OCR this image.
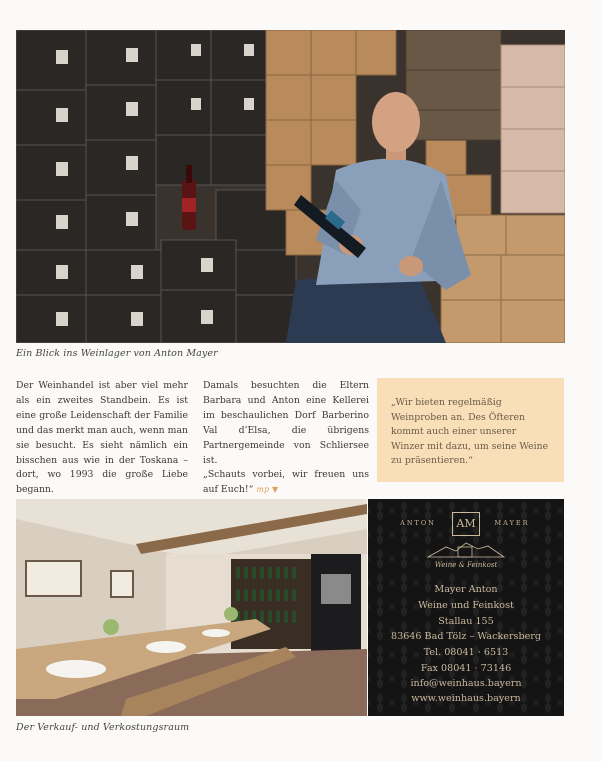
Ein Blick ins Weinlager von Anton Mayer
Der Weinhandel ist aber viel mehr als ein zweites Standbein. Es ist eine große Leidenschaft der Familie und das merkt man auch, wenn man sie besucht. Es sieht nämlich ein bisschen aus wie in der Toskana – dort, wo 1993 die große Liebe begann.
Damals besuchten die Eltern Barbara und Anton eine Kellerei im beschaulichen Dorf Barberino Val d’Elsa, die übrigens Partnergemeinde von Schliersee ist.
„Schauts vorbei, wir freuen uns auf Euch!“ mp ▼
„Wir bieten regelmäßig Weinproben an. Des Öfteren kommt auch einer unserer Winzer mit dazu, um seine Weine zu präsentieren.“
Der Verkauf- und Verkostungsraum
AM
ANTON	MAYER
Weine & Feinkost
Mayer Anton
Weine und Feinkost
Stallau 155
83646 Bad Tölz – Wackersberg
Tel. 08041 · 6513
Fax 08041 · 73146
info@weinhaus.bayern
www.weinhaus.bayern
